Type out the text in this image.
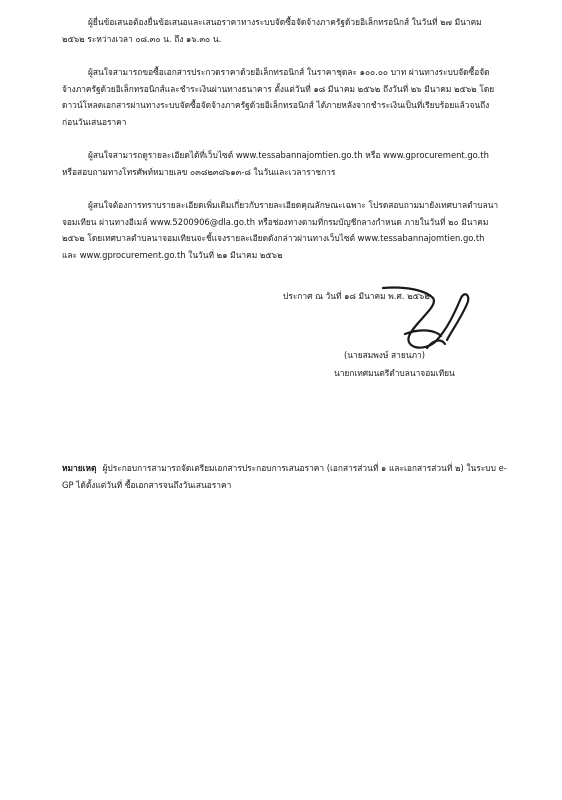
ผู้ยื่นข้อเสนอต้องยื่นข้อเสนอและเสนอราคาทางระบบจัดซื้อจัดจ้างภาครัฐด้วยอิเล็กทรอนิกส์ ในวันที่ ๒๗ มีนาคม ๒๕๖๒ ระหว่างเวลา ๐๘.๓๐ น. ถึง ๑๖.๓๐ น.

ผู้สนใจสามารถขอซื้อเอกสารประกวดราคาด้วยอิเล็กทรอนิกส์ ในราคาชุดละ ๑๐๐.๐๐ บาท ผ่านทางระบบจัดซื้อจัดจ้างภาครัฐด้วยอิเล็กทรอนิกส์และชำระเงินผ่านทางธนาคาร ตั้งแต่วันที่ ๑๘ มีนาคม ๒๕๖๒ ถึงวันที่ ๒๖ มีนาคม ๒๕๖๒ โดยดาวน์โหลดเอกสารผ่านทางระบบจัดซื้อจัดจ้างภาครัฐด้วยอิเล็กทรอนิกส์ ได้ภายหลังจากชำระเงินเป็นที่เรียบร้อยแล้วจนถึงก่อนวันเสนอราคา

ผู้สนใจสามารถดูรายละเอียดได้ที่เว็บไซต์ www.tessabannajomtien.go.th หรือ www.gprocurement.go.th หรือสอบถามทางโทรศัพท์หมายเลข ๐๓๘๒๓๘๖๑๓-๘ ในวันและเวลาราชการ

ผู้สนใจต้องการทราบรายละเอียดเพิ่มเติมเกี่ยวกับรายละเอียดคุณลักษณะเฉพาะ โปรดสอบถามมายังเทศบาลตำบลนาจอมเทียน ผ่านทางอีเมล์ www.5200906@dla.go.th หรือช่องทางตามที่กรมบัญชีกลางกำหนด ภายในวันที่ ๒๐ มีนาคม ๒๕๖๒ โดยเทศบาลตำบลนาจอมเทียนจะชี้แจงรายละเอียดดังกล่าวผ่านทางเว็บไซต์ www.tessabannajomtien.go.th และ www.gprocurement.go.th ในวันที่ ๒๑ มีนาคม ๒๕๖๒

ประกาศ ณ วันที่ ๑๘ มีนาคม พ.ศ. ๒๕๖๒
(นายสมพงษ์ สายนภา)
นายกเทศมนตรีตำบลนาจอมเทียน
หมายเหตุ ผู้ประกอบการสามารถจัดเตรียมเอกสารประกอบการเสนอราคา (เอกสารส่วนที่ ๑ และเอกสารส่วนที่ ๒) ในระบบ e-GP ได้ตั้งแต่วันที่ ซื้อเอกสารจนถึงวันเสนอราคา
